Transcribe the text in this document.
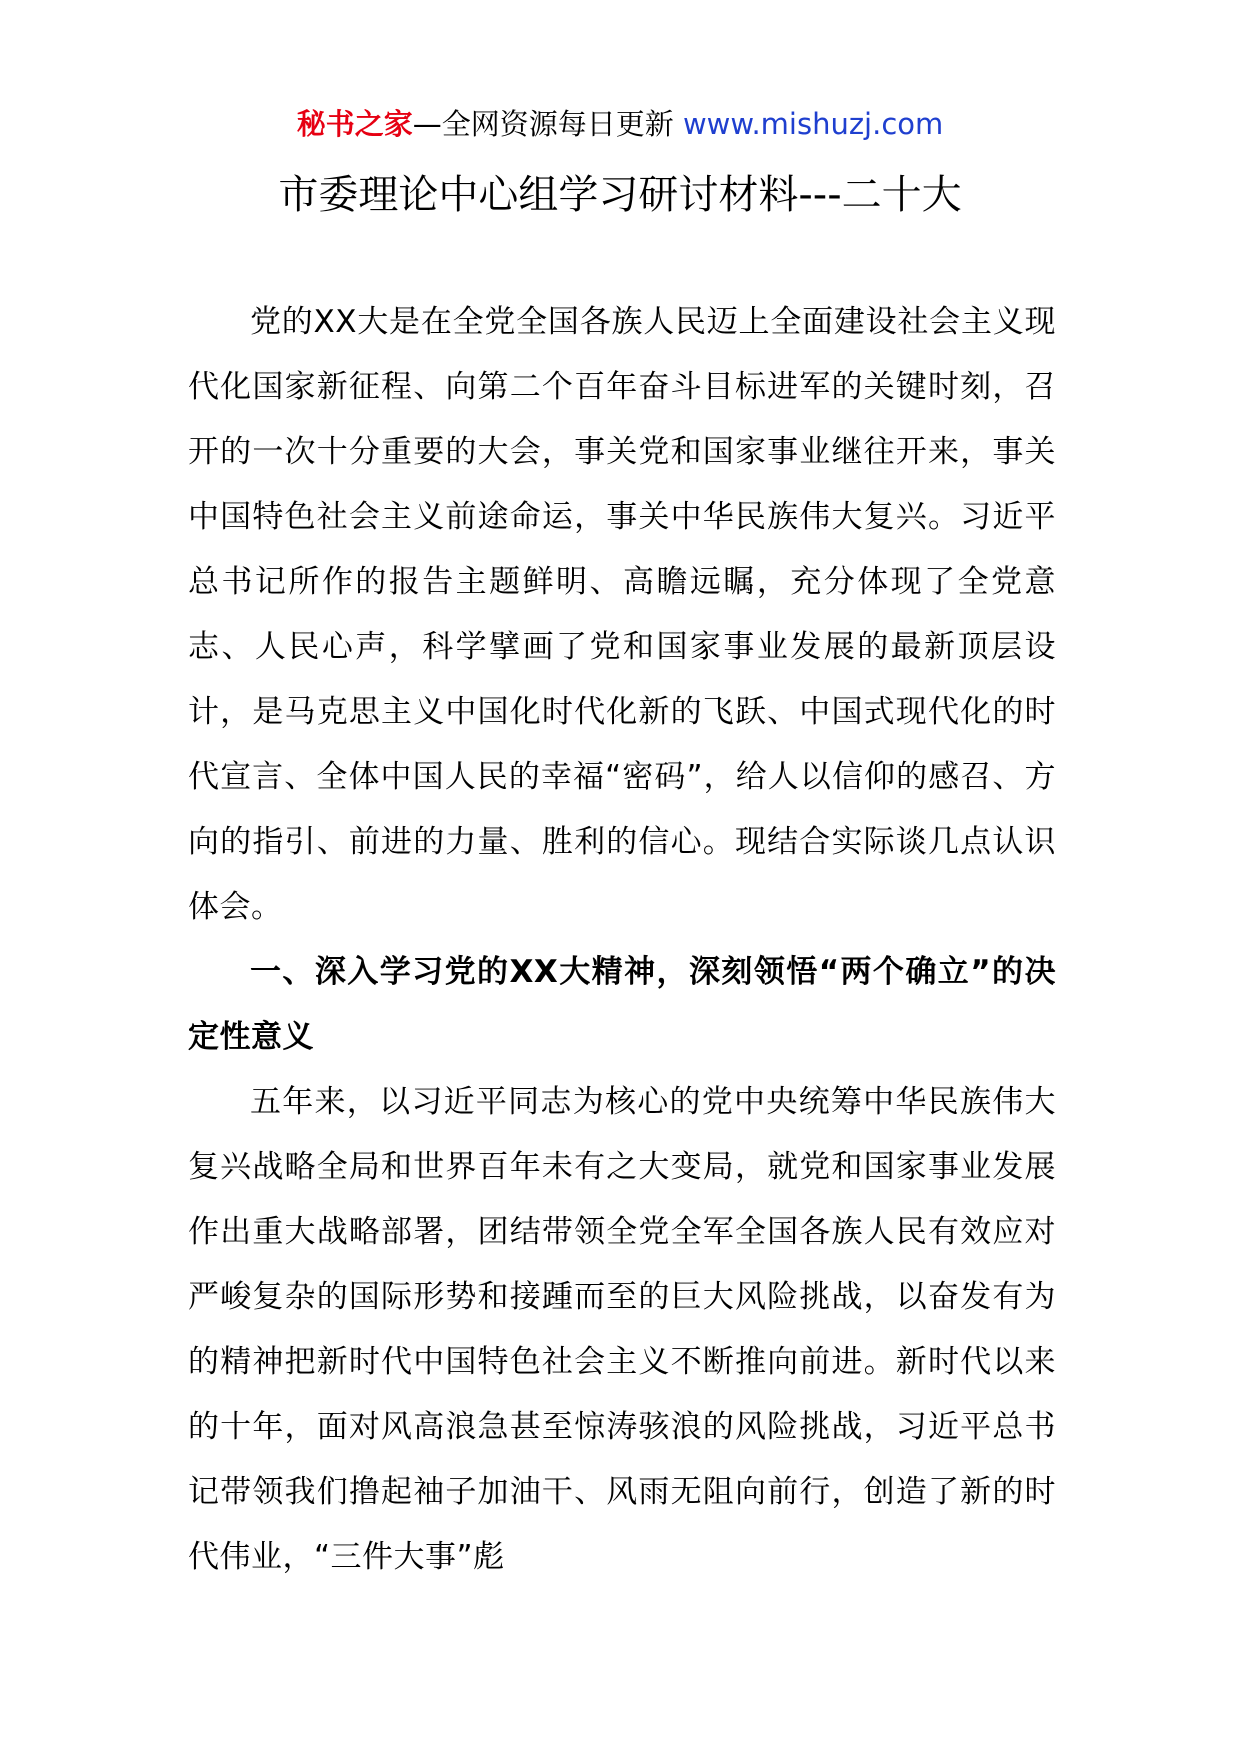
秘书之家—全网资源每日更新 www.mishuzj.com
市委理论中心组学习研讨材料---二十大

党的XX大是在全党全国各族人民迈上全面建设社会主义现代化国家新征程、向第二个百年奋斗目标进军的关键时刻，召开的一次十分重要的大会，事关党和国家事业继往开来，事关中国特色社会主义前途命运，事关中华民族伟大复兴。习近平总书记所作的报告主题鲜明、高瞻远瞩，充分体现了全党意志、人民心声，科学擘画了党和国家事业发展的最新顶层设计，是马克思主义中国化时代化新的飞跃、中国式现代化的时代宣言、全体中国人民的幸福“密码”，给人以信仰的感召、方向的指引、前进的力量、胜利的信心。现结合实际谈几点认识体会。

一、深入学习党的XX大精神，深刻领悟“两个确立”的决定性意义

五年来，以习近平同志为核心的党中央统筹中华民族伟大复兴战略全局和世界百年未有之大变局，就党和国家事业发展作出重大战略部署，团结带领全党全军全国各族人民有效应对严峻复杂的国际形势和接踵而至的巨大风险挑战，以奋发有为的精神把新时代中国特色社会主义不断推向前进。新时代以来的十年，面对风高浪急甚至惊涛骇浪的风险挑战，习近平总书记带领我们撸起袖子加油干、风雨无阻向前行，创造了新的时代伟业，“三件大事”彪
